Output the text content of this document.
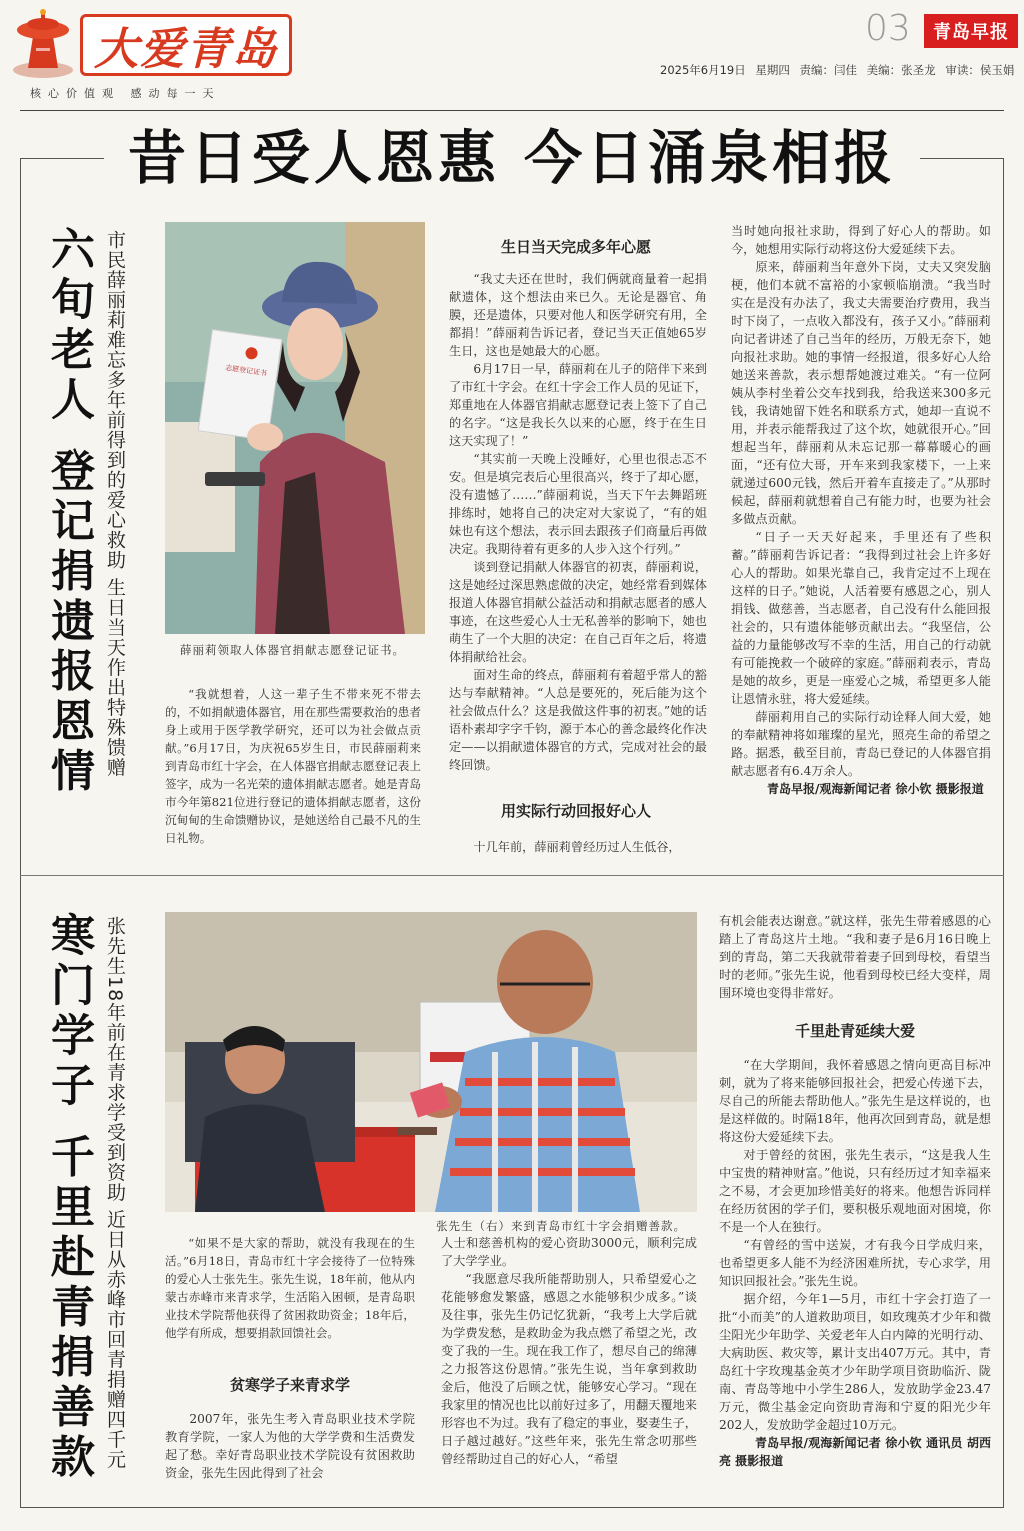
大爱青岛
核心价值观 感动每一天
03	青岛早报
2025年6月19日 星期四 责编：闫佳 美编：张圣龙 审读：侯玉娟
昔日受人恩惠 今日涌泉相报
六旬老人 登记捐遗报恩情 市民薛丽莉难忘多年前得到的爱心救助 生日当天作出特殊馈赠	志愿登记证书
薛丽莉领取人体器官捐献志愿登记证书。

“我就想着，人这一辈子生不带来死不带去的，不如捐献遗体器官，用在那些需要救治的患者身上或用于医学教学研究，还可以为社会做点贡献。”6月17日，为庆祝65岁生日，市民薛丽莉来到青岛市红十字会，在人体器官捐献志愿登记表上签字，成为一名光荣的遗体捐献志愿者。她是青岛市今年第821位进行登记的遗体捐献志愿者，这份沉甸甸的生命馈赠协议，是她送给自己最不凡的生日礼物。

生日当天完成多年心愿

“我丈夫还在世时，我们俩就商量着一起捐献遗体，这个想法由来已久。无论是器官、角膜，还是遗体，只要对他人和医学研究有用，全都捐！”薛丽莉告诉记者，登记当天正值她65岁生日，这也是她最大的心愿。

6月17日一早，薛丽莉在儿子的陪伴下来到了市红十字会。在红十字会工作人员的见证下，郑重地在人体器官捐献志愿登记表上签下了自己的名字。“这是我长久以来的心愿，终于在生日这天实现了！”

“其实前一天晚上没睡好，心里也很忐忑不安。但是填完表后心里很高兴，终于了却心愿，没有遗憾了……”薛丽莉说，当天下午去舞蹈班排练时，她将自己的决定对大家说了，“有的姐妹也有这个想法，表示回去跟孩子们商量后再做决定。我期待着有更多的人步入这个行列。”

谈到登记捐献人体器官的初衷，薛丽莉说，这是她经过深思熟虑做的决定，她经常看到媒体报道人体器官捐献公益活动和捐献志愿者的感人事迹，在这些爱心人士无私善举的影响下，她也萌生了一个大胆的决定：在自己百年之后，将遗体捐献给社会。

面对生命的终点，薛丽莉有着超乎常人的豁达与奉献精神。“人总是要死的，死后能为这个社会做点什么？这是我做这件事的初衷。”她的话语朴素却字字千钧，源于本心的善念最终化作决定——以捐献遗体器官的方式，完成对社会的最终回馈。

用实际行动回报好心人

十几年前，薛丽莉曾经历过人生低谷，

当时她向报社求助，得到了好心人的帮助。如今，她想用实际行动将这份大爱延续下去。

原来，薛丽莉当年意外下岗，丈夫又突发脑梗，他们本就不富裕的小家顿临崩溃。“我当时实在是没有办法了，我丈夫需要治疗费用，我当时下岗了，一点收入都没有，孩子又小。”薛丽莉向记者讲述了自己当年的经历，万般无奈下，她向报社求助。她的事情一经报道，很多好心人给她送来善款，表示想帮她渡过难关。“有一位阿姨从李村坐着公交车找到我，给我送来300多元钱，我请她留下姓名和联系方式，她却一直说不用，并表示能帮我过了这个坎，她就很开心。”回想起当年，薛丽莉从未忘记那一幕幕暖心的画面，“还有位大哥，开车来到我家楼下，一上来就递过600元钱，然后开着车直接走了。”从那时候起，薛丽莉就想着自己有能力时，也要为社会多做点贡献。

“日子一天天好起来，手里还有了些积蓄。”薛丽莉告诉记者：“我得到过社会上许多好心人的帮助。如果光靠自己，我肯定过不上现在这样的日子。”她说，人活着要有感恩之心，别人捐钱、做慈善，当志愿者，自己没有什么能回报社会的，只有遗体能够贡献出去。“我坚信，公益的力量能够改写不幸的生活，用自己的行动就有可能挽救一个破碎的家庭。”薛丽莉表示，青岛是她的故乡，更是一座爱心之城，希望更多人能让恩情永驻，将大爱延续。

薛丽莉用自己的实际行动诠释人间大爱，她的奉献精神将如璀璨的星光，照亮生命的希望之路。据悉，截至目前，青岛已登记的人体器官捐献志愿者有6.4万余人。

青岛早报/观海新闻记者 徐小钦 摄影报道

寒门学子 千里赴青捐善款 张先生18年前在青求学受到资助 近日从赤峰市回青捐赠四千元	张先生（右）来到青岛市红十字会捐赠善款。

“如果不是大家的帮助，就没有我现在的生活。”6月18日，青岛市红十字会接待了一位特殊的爱心人士张先生。张先生说，18年前，他从内蒙古赤峰市来青求学，生活陷入困顿，是青岛职业技术学院帮他获得了贫困救助资金；18年后，他学有所成，想要捐款回馈社会。

贫寒学子来青求学

2007年，张先生考入青岛职业技术学院教育学院，一家人为他的大学学费和生活费发起了愁。幸好青岛职业技术学院设有贫困救助资金，张先生因此得到了社会

人士和慈善机构的爱心资助3000元，顺利完成了大学学业。

“我愿意尽我所能帮助别人，只希望爱心之花能够愈发繁盛，感恩之水能够积少成多。”谈及往事，张先生仍记忆犹新，“我考上大学后就为学费发愁，是救助金为我点燃了希望之光，改变了我的一生。现在我工作了，想尽自己的绵薄之力报答这份恩情。”张先生说，当年拿到救助金后，他没了后顾之忧，能够安心学习。“现在我家里的情况也比以前好过多了，用翻天覆地来形容也不为过。我有了稳定的事业，娶妻生子，日子越过越好。”这些年来，张先生常念叨那些曾经帮助过自己的好心人，“希望

有机会能表达谢意。”就这样，张先生带着感恩的心踏上了青岛这片土地。“我和妻子是6月16日晚上到的青岛，第二天我就带着妻子回到母校，看望当时的老师。”张先生说，他看到母校已经大变样，周围环境也变得非常好。

千里赴青延续大爱

“在大学期间，我怀着感恩之情向更高目标冲刺，就为了将来能够回报社会，把爱心传递下去，尽自己的所能去帮助他人。”张先生是这样说的，也是这样做的。时隔18年，他再次回到青岛，就是想将这份大爱延续下去。

对于曾经的贫困，张先生表示，“这是我人生中宝贵的精神财富。”他说，只有经历过才知幸福来之不易，才会更加珍惜美好的将来。他想告诉同样在经历贫困的学子们，要积极乐观地面对困境，你不是一个人在独行。

“有曾经的雪中送炭，才有我今日学成归来，也希望更多人能不为经济困难所扰，专心求学，用知识回报社会。”张先生说。

据介绍，今年1—5月，市红十字会打造了一批“小而美”的人道救助项目，如玫瑰英才少年和微尘阳光少年助学、关爱老年人白内障的光明行动、大病助医、救灾等，累计支出407万元。其中，青岛红十字玫瑰基金英才少年助学项目资助临沂、陇南、青岛等地中小学生286人，发放助学金23.47万元，微尘基金定向资助青海和宁夏的阳光少年202人，发放助学金超过10万元。

青岛早报/观海新闻记者 徐小钦 通讯员 胡西亮 摄影报道
